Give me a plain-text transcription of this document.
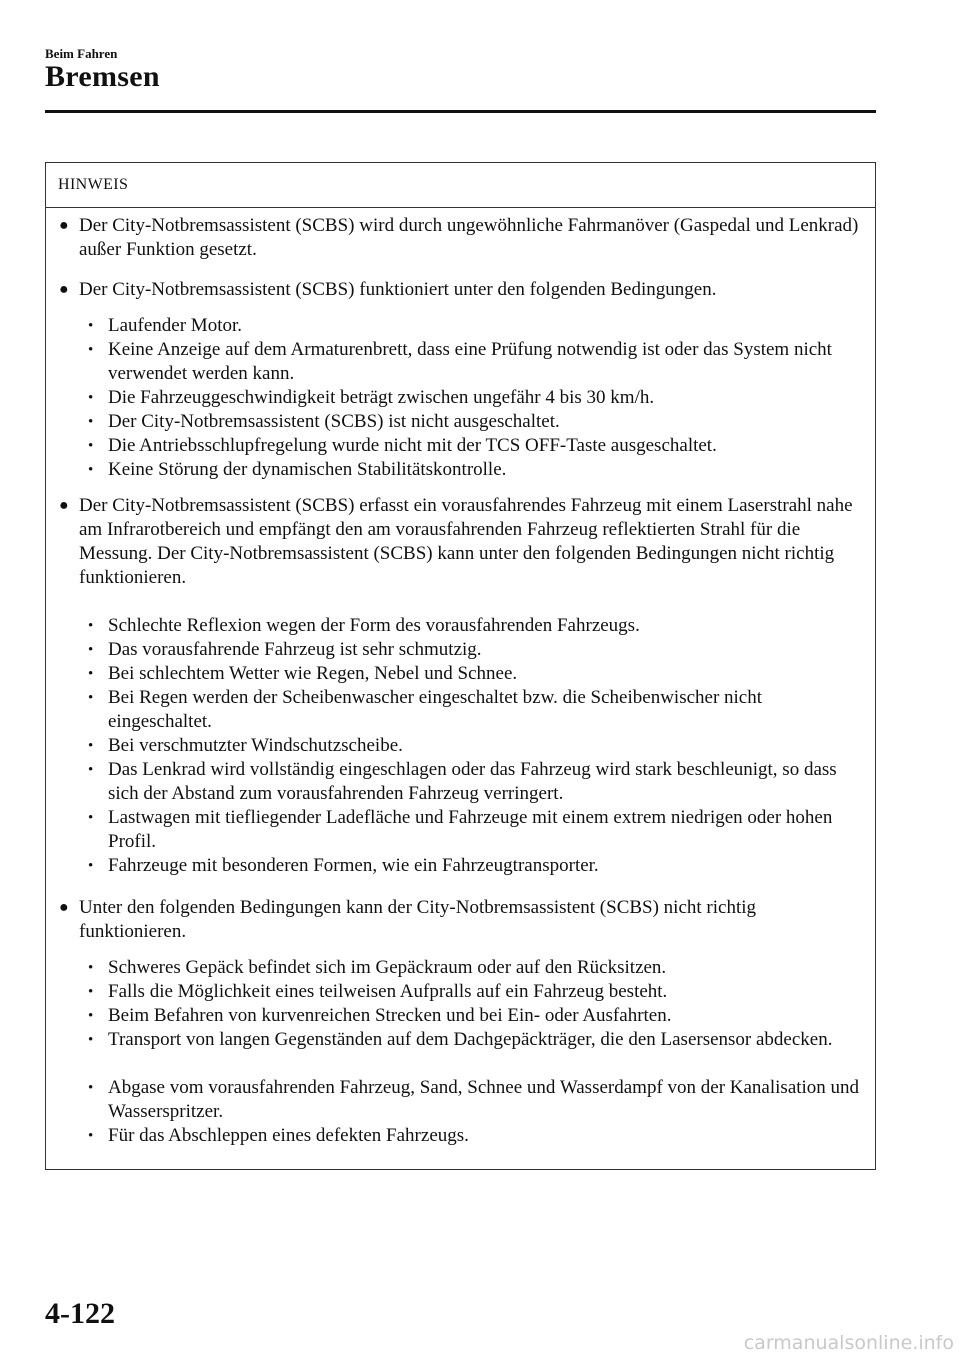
Beim Fahren
Bremsen
HINWEIS
● Der City-Notbremsassistent (SCBS) wird durch ungewöhnliche Fahrmanöver (Gaspedal und Lenkrad) außer Funktion gesetzt.
● Der City-Notbremsassistent (SCBS) funktioniert unter den folgenden Bedingungen.
• Laufender Motor.
• Keine Anzeige auf dem Armaturenbrett, dass eine Prüfung notwendig ist oder das System nicht verwendet werden kann.
• Die Fahrzeuggeschwindigkeit beträgt zwischen ungefähr 4 bis 30 km/h.
• Der City-Notbremsassistent (SCBS) ist nicht ausgeschaltet.
• Die Antriebsschlupfregelung wurde nicht mit der TCS OFF-Taste ausgeschaltet.
• Keine Störung der dynamischen Stabilitätskontrolle.
● Der City-Notbremsassistent (SCBS) erfasst ein vorausfahrendes Fahrzeug mit einem Laserstrahl nahe am Infrarotbereich und empfängt den am vorausfahrenden Fahrzeug reflektierten Strahl für die Messung. Der City-Notbremsassistent (SCBS) kann unter den folgenden Bedingungen nicht richtig funktionieren.
• Schlechte Reflexion wegen der Form des vorausfahrenden Fahrzeugs.
• Das vorausfahrende Fahrzeug ist sehr schmutzig.
• Bei schlechtem Wetter wie Regen, Nebel und Schnee.
• Bei Regen werden der Scheibenwascher eingeschaltet bzw. die Scheibenwischer nicht eingeschaltet.
• Bei verschmutzter Windschutzscheibe.
• Das Lenkrad wird vollständig eingeschlagen oder das Fahrzeug wird stark beschleunigt, so dass sich der Abstand zum vorausfahrenden Fahrzeug verringert.
• Lastwagen mit tiefliegender Ladefläche und Fahrzeuge mit einem extrem niedrigen oder hohen Profil.
• Fahrzeuge mit besonderen Formen, wie ein Fahrzeugtransporter.
● Unter den folgenden Bedingungen kann der City-Notbremsassistent (SCBS) nicht richtig funktionieren.
• Schweres Gepäck befindet sich im Gepäckraum oder auf den Rücksitzen.
• Falls die Möglichkeit eines teilweisen Aufpralls auf ein Fahrzeug besteht.
• Beim Befahren von kurvenreichen Strecken und bei Ein- oder Ausfahrten.
• Transport von langen Gegenständen auf dem Dachgepäckträger, die den Lasersensor abdecken.
• Abgase vom vorausfahrenden Fahrzeug, Sand, Schnee und Wasserdampf von der Kanalisation und Wasserspritzer.
• Für das Abschleppen eines defekten Fahrzeugs.
4-122
carmanualsonline.info
